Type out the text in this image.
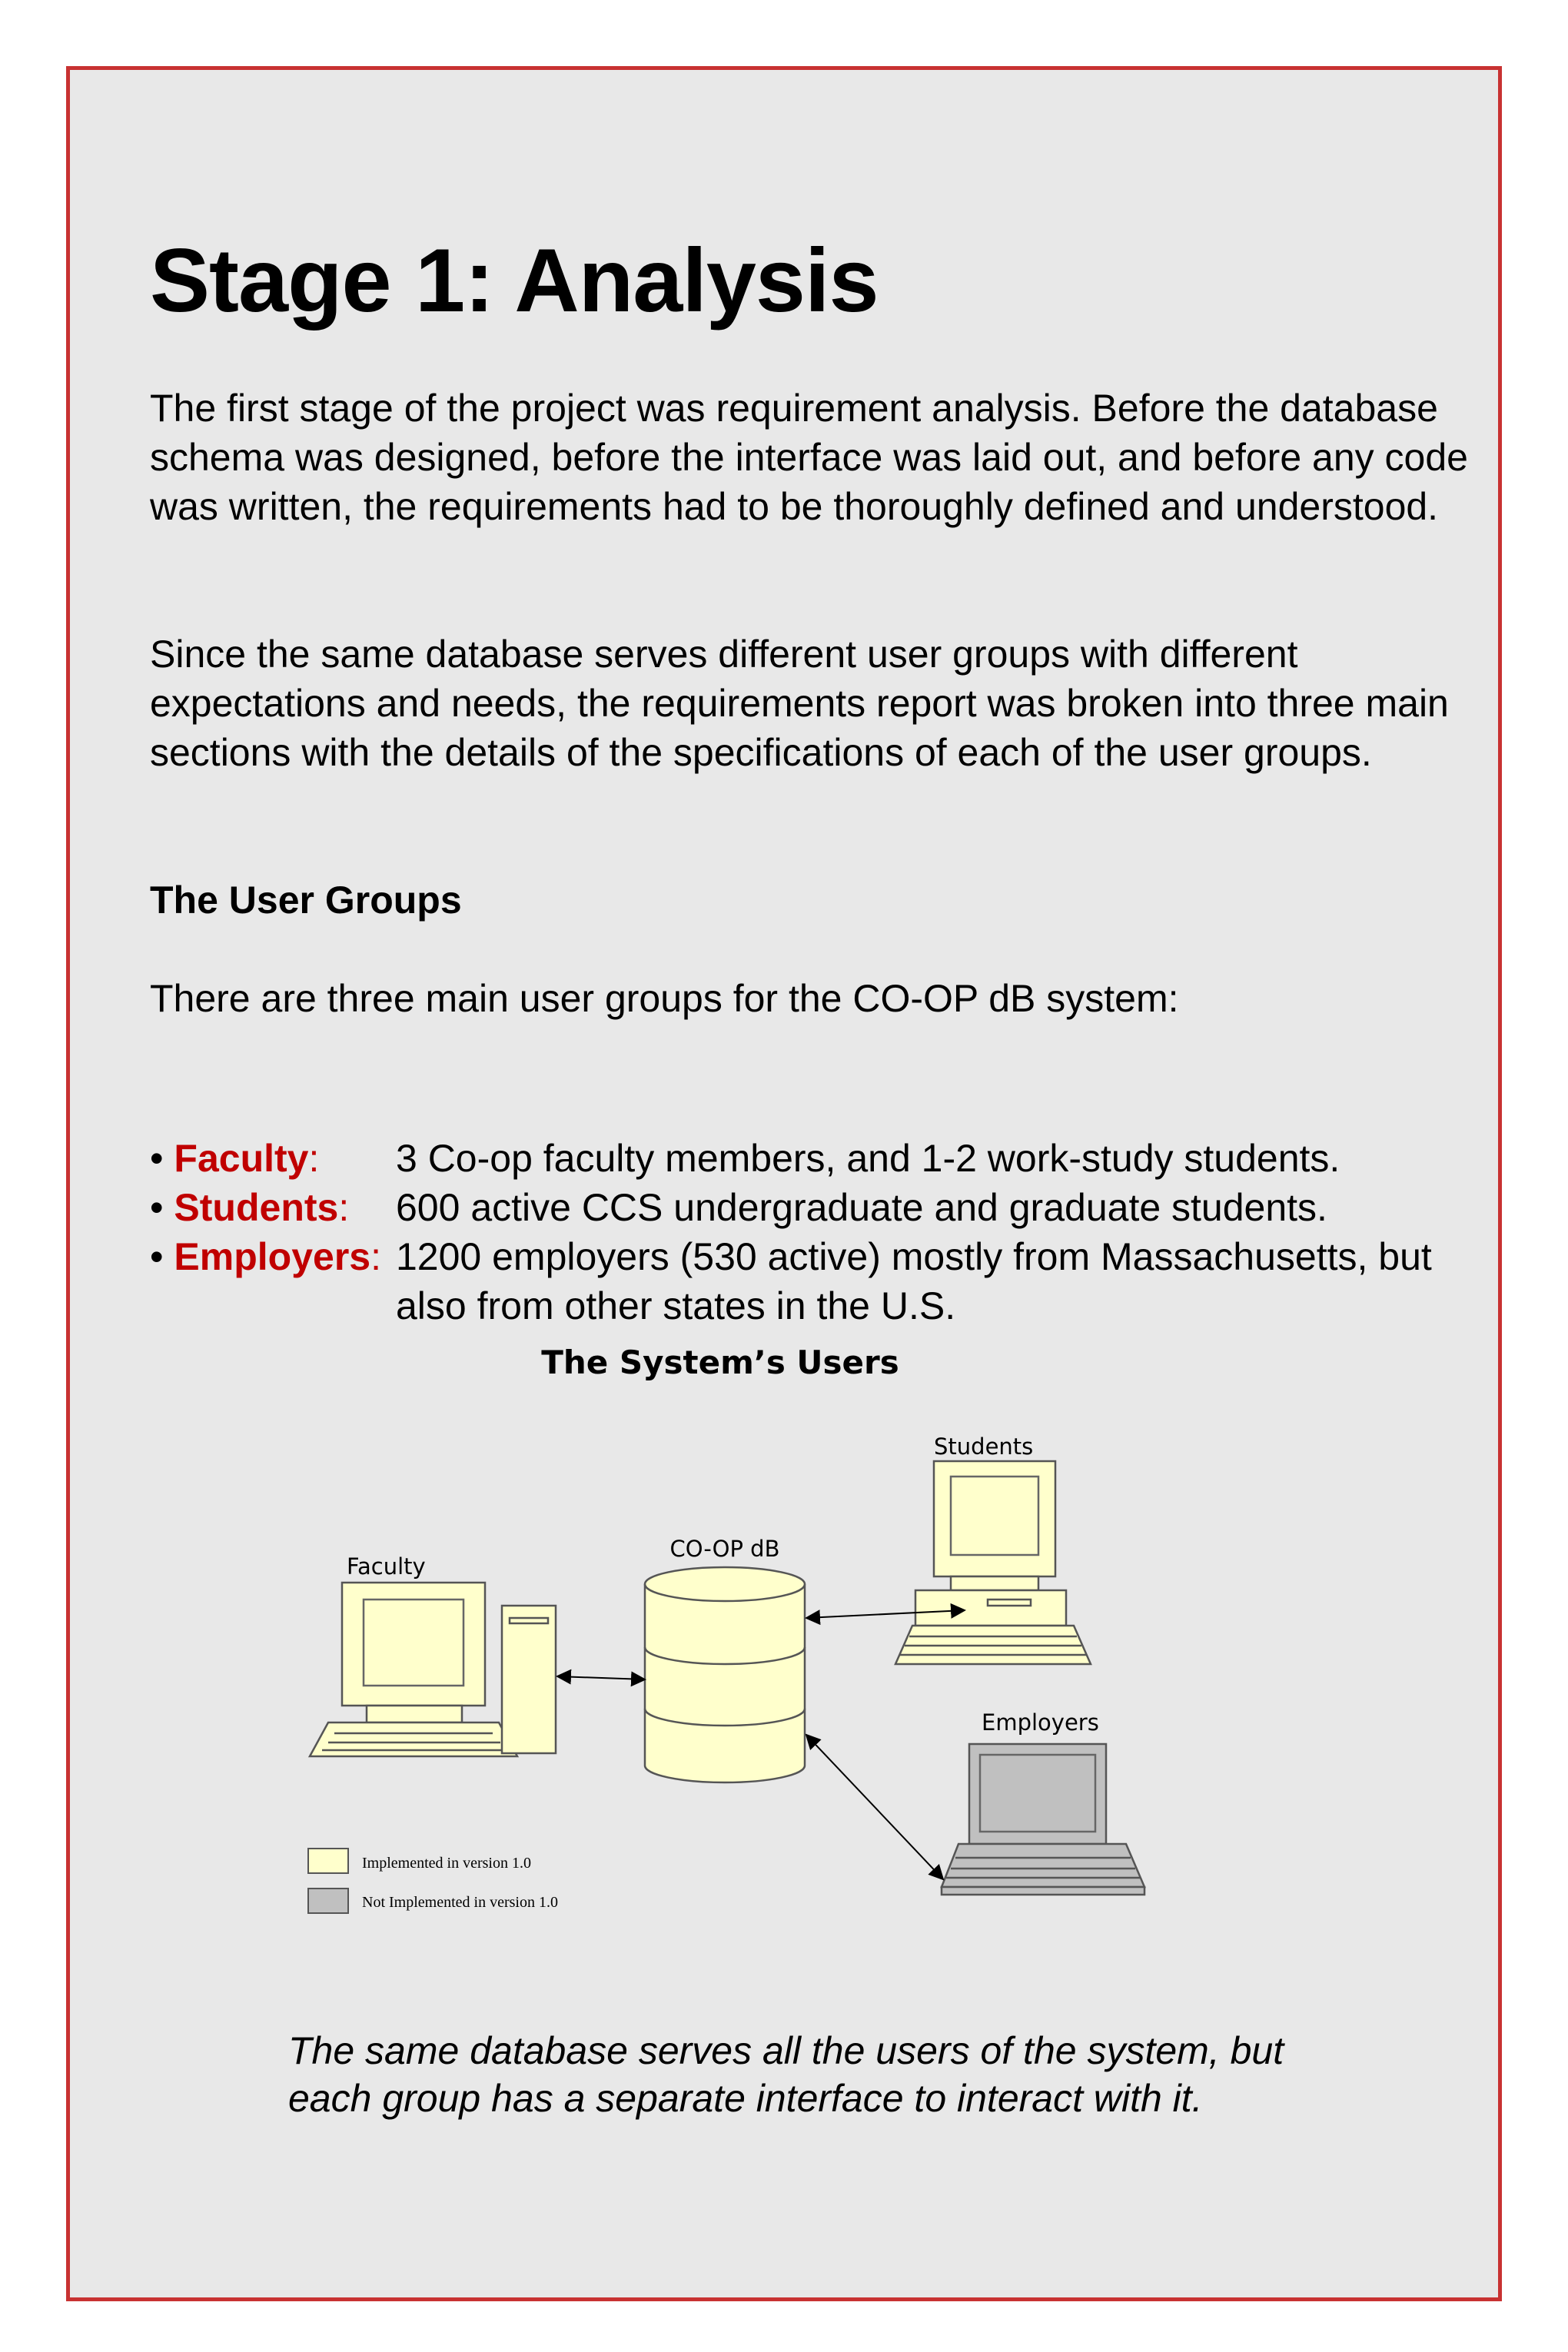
Stage 1: Analysis
The first stage of the project was requirement analysis. Before the database schema was designed, before the interface was laid out, and before any code was written, the requirements had to be thoroughly defined and understood.
Since the same database serves different user groups with different expectations and needs, the requirements report was broken into three main sections with the details of the specifications of each of the user groups.
The User Groups
There are three main user groups for the CO-OP dB system:
• Faculty:	3 Co-op faculty members, and 1-2 work-study students.
• Students:	600 active CCS undergraduate and graduate students.
• Employers: 1200 employers (530 active) mostly from Massachusetts, but also from other states in the U.S.
The System’s Users
Faculty
CO-OP dB
Students
Employers
Implemented in version 1.0
Not Implemented in version 1.0
The same database serves all the users of the system, but each group has a separate interface to interact with it.
